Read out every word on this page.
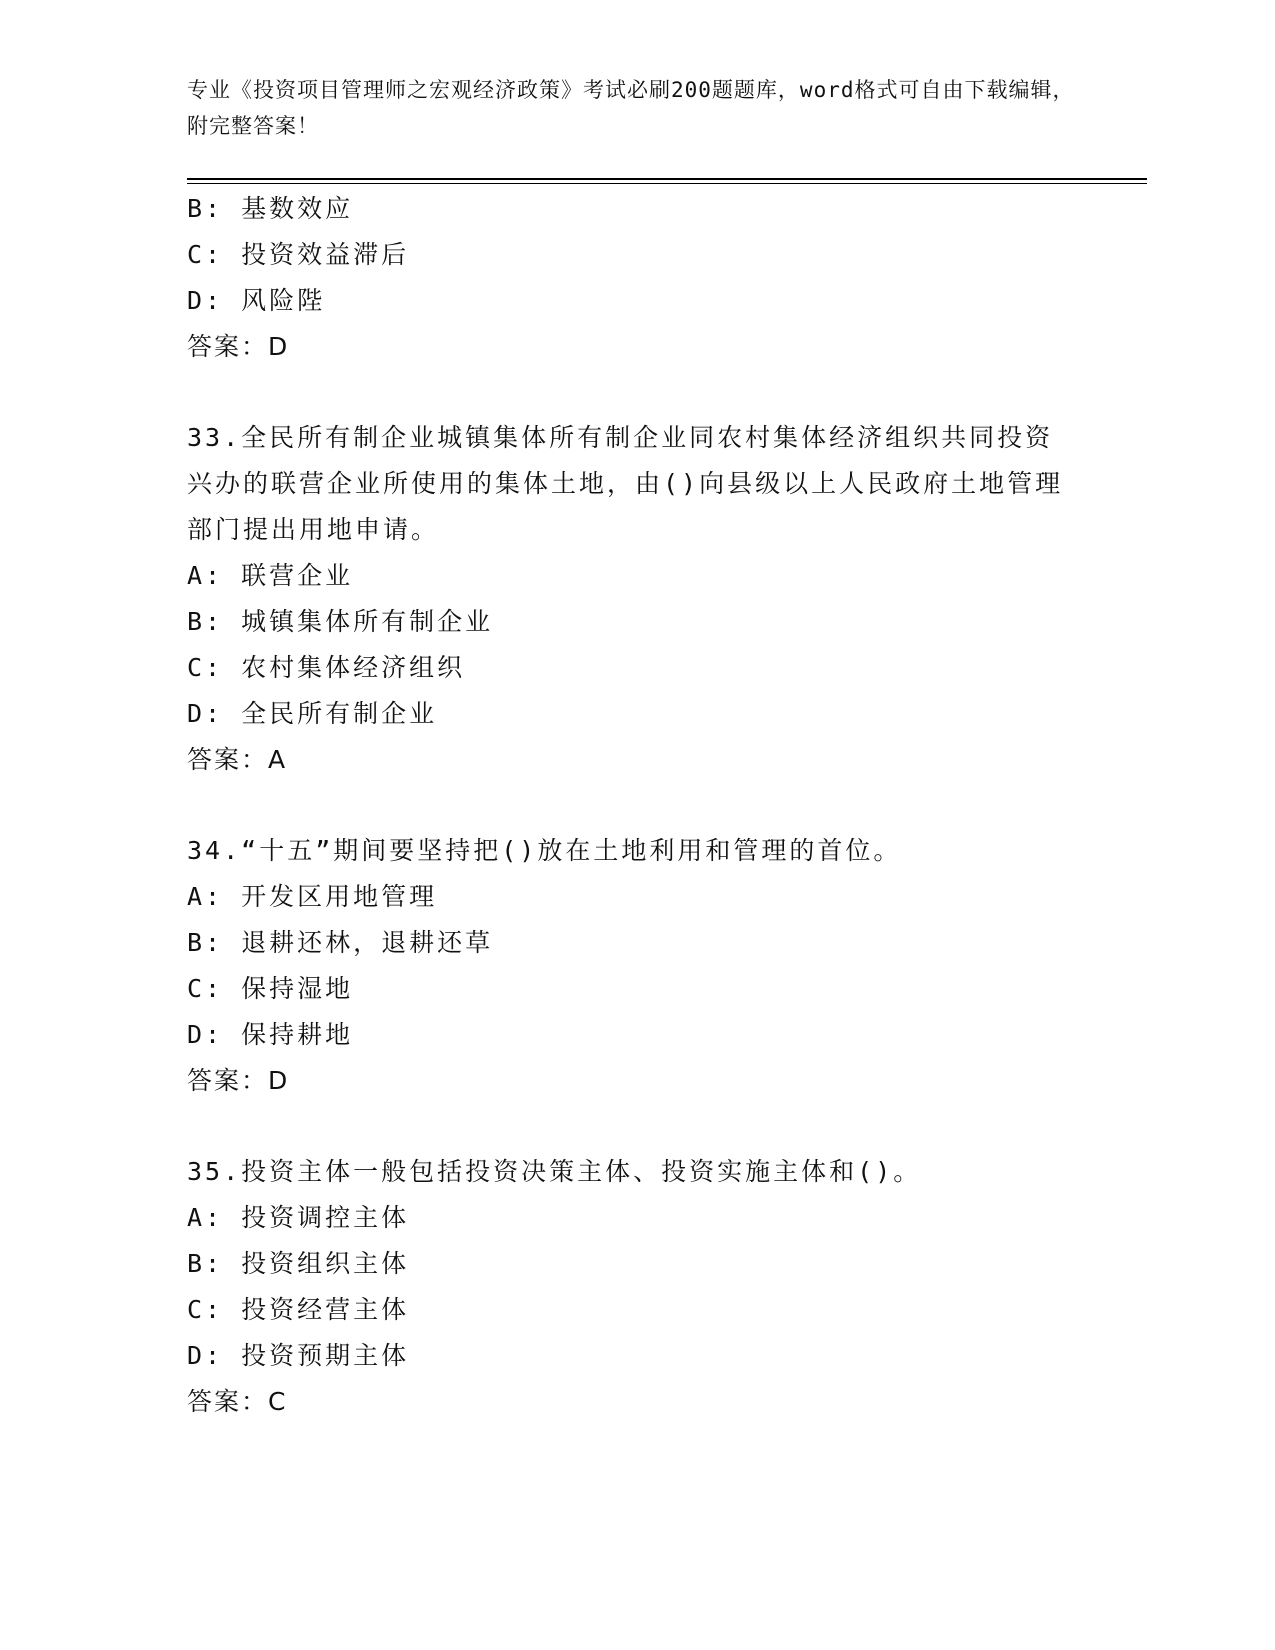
专业《投资项目管理师之宏观经济政策》考试必刷200题题库，word格式可自由下载编辑，附完整答案！
B: 基数效应
C: 投资效益滞后
D: 风险陛
答案：D
33.全民所有制企业城镇集体所有制企业同农村集体经济组织共同投资兴办的联营企业所使用的集体土地，由()向县级以上人民政府土地管理部门提出用地申请。
A: 联营企业
B: 城镇集体所有制企业
C: 农村集体经济组织
D: 全民所有制企业
答案：A
34.“十五”期间要坚持把()放在土地利用和管理的首位。
A: 开发区用地管理
B: 退耕还林，退耕还草
C: 保持湿地
D: 保持耕地
答案：D
35.投资主体一般包括投资决策主体、投资实施主体和()。
A: 投资调控主体
B: 投资组织主体
C: 投资经营主体
D: 投资预期主体
答案：C
